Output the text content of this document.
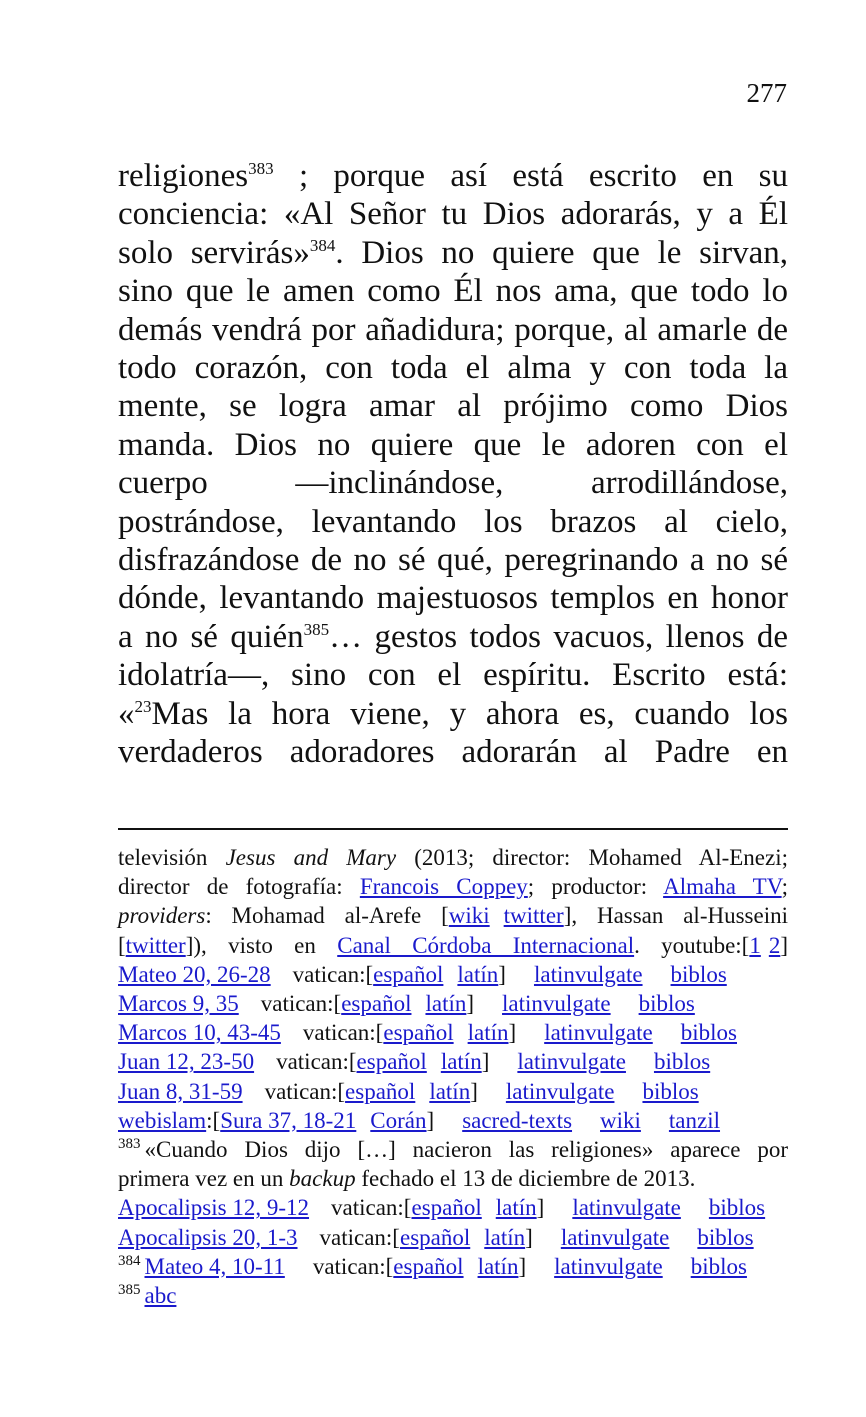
277
religiones$^{383}$ ; porque así está escrito en su
conciencia: «Al Señor tu Dios adorarás, y a Él
solo servirás»$^{384}$. Dios no quiere que le sirvan,
sino que le amen como Él nos ama, que todo lo
demás vendrá por añadidura; porque, al amarle de
todo corazón, con toda el alma y con toda la
mente, se logra amar al prójimo como Dios
manda. Dios no quiere que le adoren con el
cuerpo —inclinándose, arrodillándose,
postrándose, levantando los brazos al cielo,
disfrazándose de no sé qué, peregrinando a no sé
dónde, levantando majestuosos templos en honor
a no sé quién$^{385}$… gestos todos vacuos, llenos de
idolatría―, sino con el espíritu. Escrito está:
«$^{23}$Mas la hora viene, y ahora es, cuando los
verdaderos adoradores adorarán al Padre en
televisión Jesus and Mary (2013; director: Mohamed Al-Enezi;
director de fotografía: Francois Coppey; productor: Almaha TV;
providers: Mohamad al-Arefe [wiki twitter], Hassan al-Husseini
[twitter]), visto en Canal Córdoba Internacional. youtube:[1 2]
Mateo 20, 26-28 vatican:[español latín] latinvulgate biblos
Marcos 9, 35 vatican:[español latín] latinvulgate biblos
Marcos 10, 43-45 vatican:[español latín] latinvulgate biblos
Juan 12, 23-50 vatican:[español latín] latinvulgate biblos
Juan 8, 31-59 vatican:[español latín] latinvulgate biblos
webislam:[Sura 37, 18-21 Corán] sacred-texts wiki tanzil
$^{383}$ «Cuando Dios dijo […] nacieron las religiones» aparece por
primera vez en un backup fechado el 13 de diciembre de 2013.
Apocalipsis 12, 9-12 vatican:[español latín] latinvulgate biblos
Apocalipsis 20, 1-3 vatican:[español latín] latinvulgate biblos
$^{384}$ Mateo 4, 10-11 vatican:[español latín] latinvulgate biblos
$^{385}$ abc
